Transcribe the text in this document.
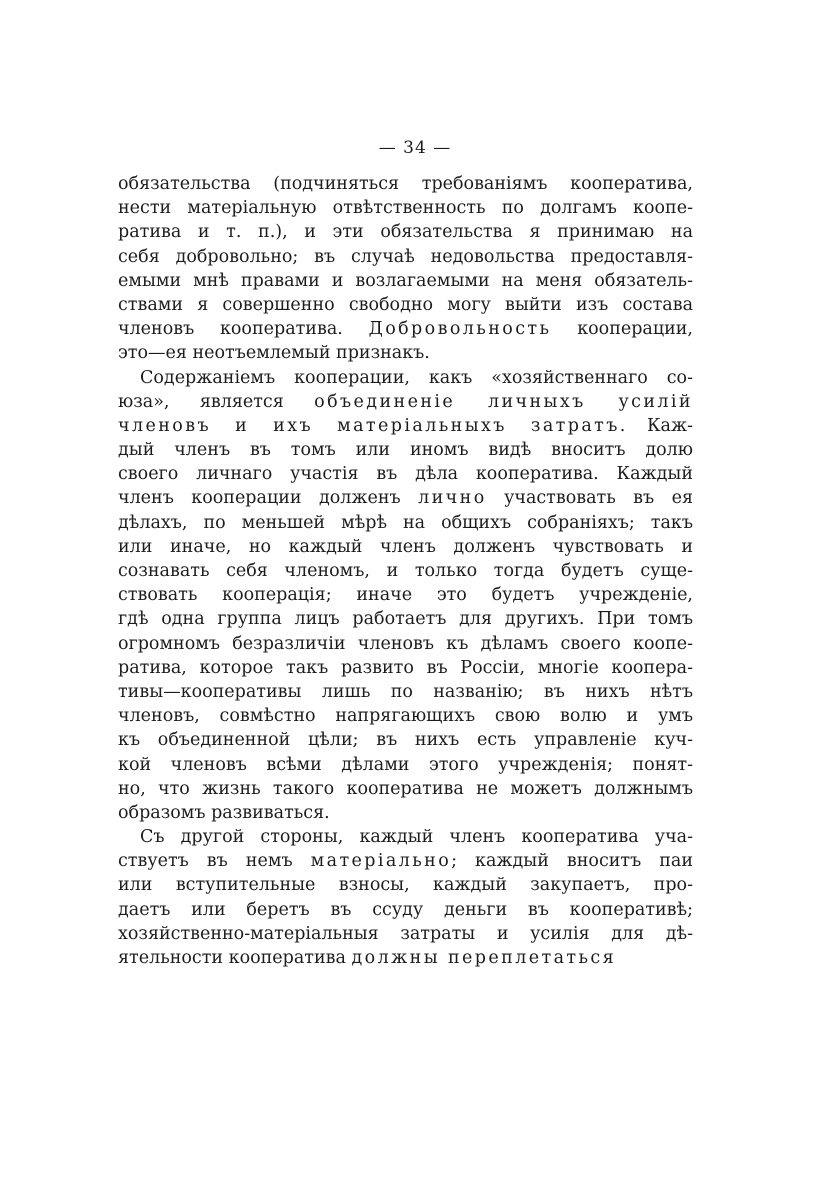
— 34 —
обязательства (подчиняться требованіямъ кооператива,
нести матеріальную отвѣтственность по долгамъ коопе-
ратива и т. п.), и эти обязательства я принимаю на
себя добровольно; въ случаѣ недовольства предоставля-
емыми мнѣ правами и возлагаемыми на меня обязатель-
ствами я совершенно свободно могу выйти изъ состава
членовъ кооператива. Добровольность кооперации,
это—ея неотъемлемый признакъ.
Содержаніемъ кооперации, какъ «хозяйственнаго со-
юза», является объединеніе личныхъ усилій
членовъ и ихъ матеріальныхъ затратъ. Каж-
дый членъ въ томъ или иномъ видѣ вноситъ долю
своего личнаго участія въ дѣла кооператива. Каждый
членъ кооперации долженъ лично участвовать въ ея
дѣлахъ, по меньшей мѣрѣ на общихъ собраніяхъ; такъ
или иначе, но каждый членъ долженъ чувствовать и
сознавать себя членомъ, и только тогда будетъ суще-
ствовать кооперація; иначе это будетъ учрежденіе,
гдѣ одна группа лицъ работаетъ для другихъ. При томъ
огромномъ безразличіи членовъ къ дѣламъ своего коопе-
ратива, которое такъ развито въ Россіи, многіе коопера-
тивы—кооперативы лишь по названію; въ нихъ нѣтъ
членовъ, совмѣстно напрягающихъ свою волю и умъ
къ объединенной цѣли; въ нихъ есть управленіе куч-
кой членовъ всѣми дѣлами этого учрежденія; понят-
но, что жизнь такого кооператива не можетъ должнымъ
образомъ развиваться.
Съ другой стороны, каждый членъ кооператива уча-
ствуетъ въ немъ матеріально; каждый вноситъ паи
или вступительные взносы, каждый закупаетъ, про-
даетъ или беретъ въ ссуду деньги въ кооперативѣ;
хозяйственно-матеріальныя затраты и усилія для дѣ-
ятельности кооператива должны переплетаться
